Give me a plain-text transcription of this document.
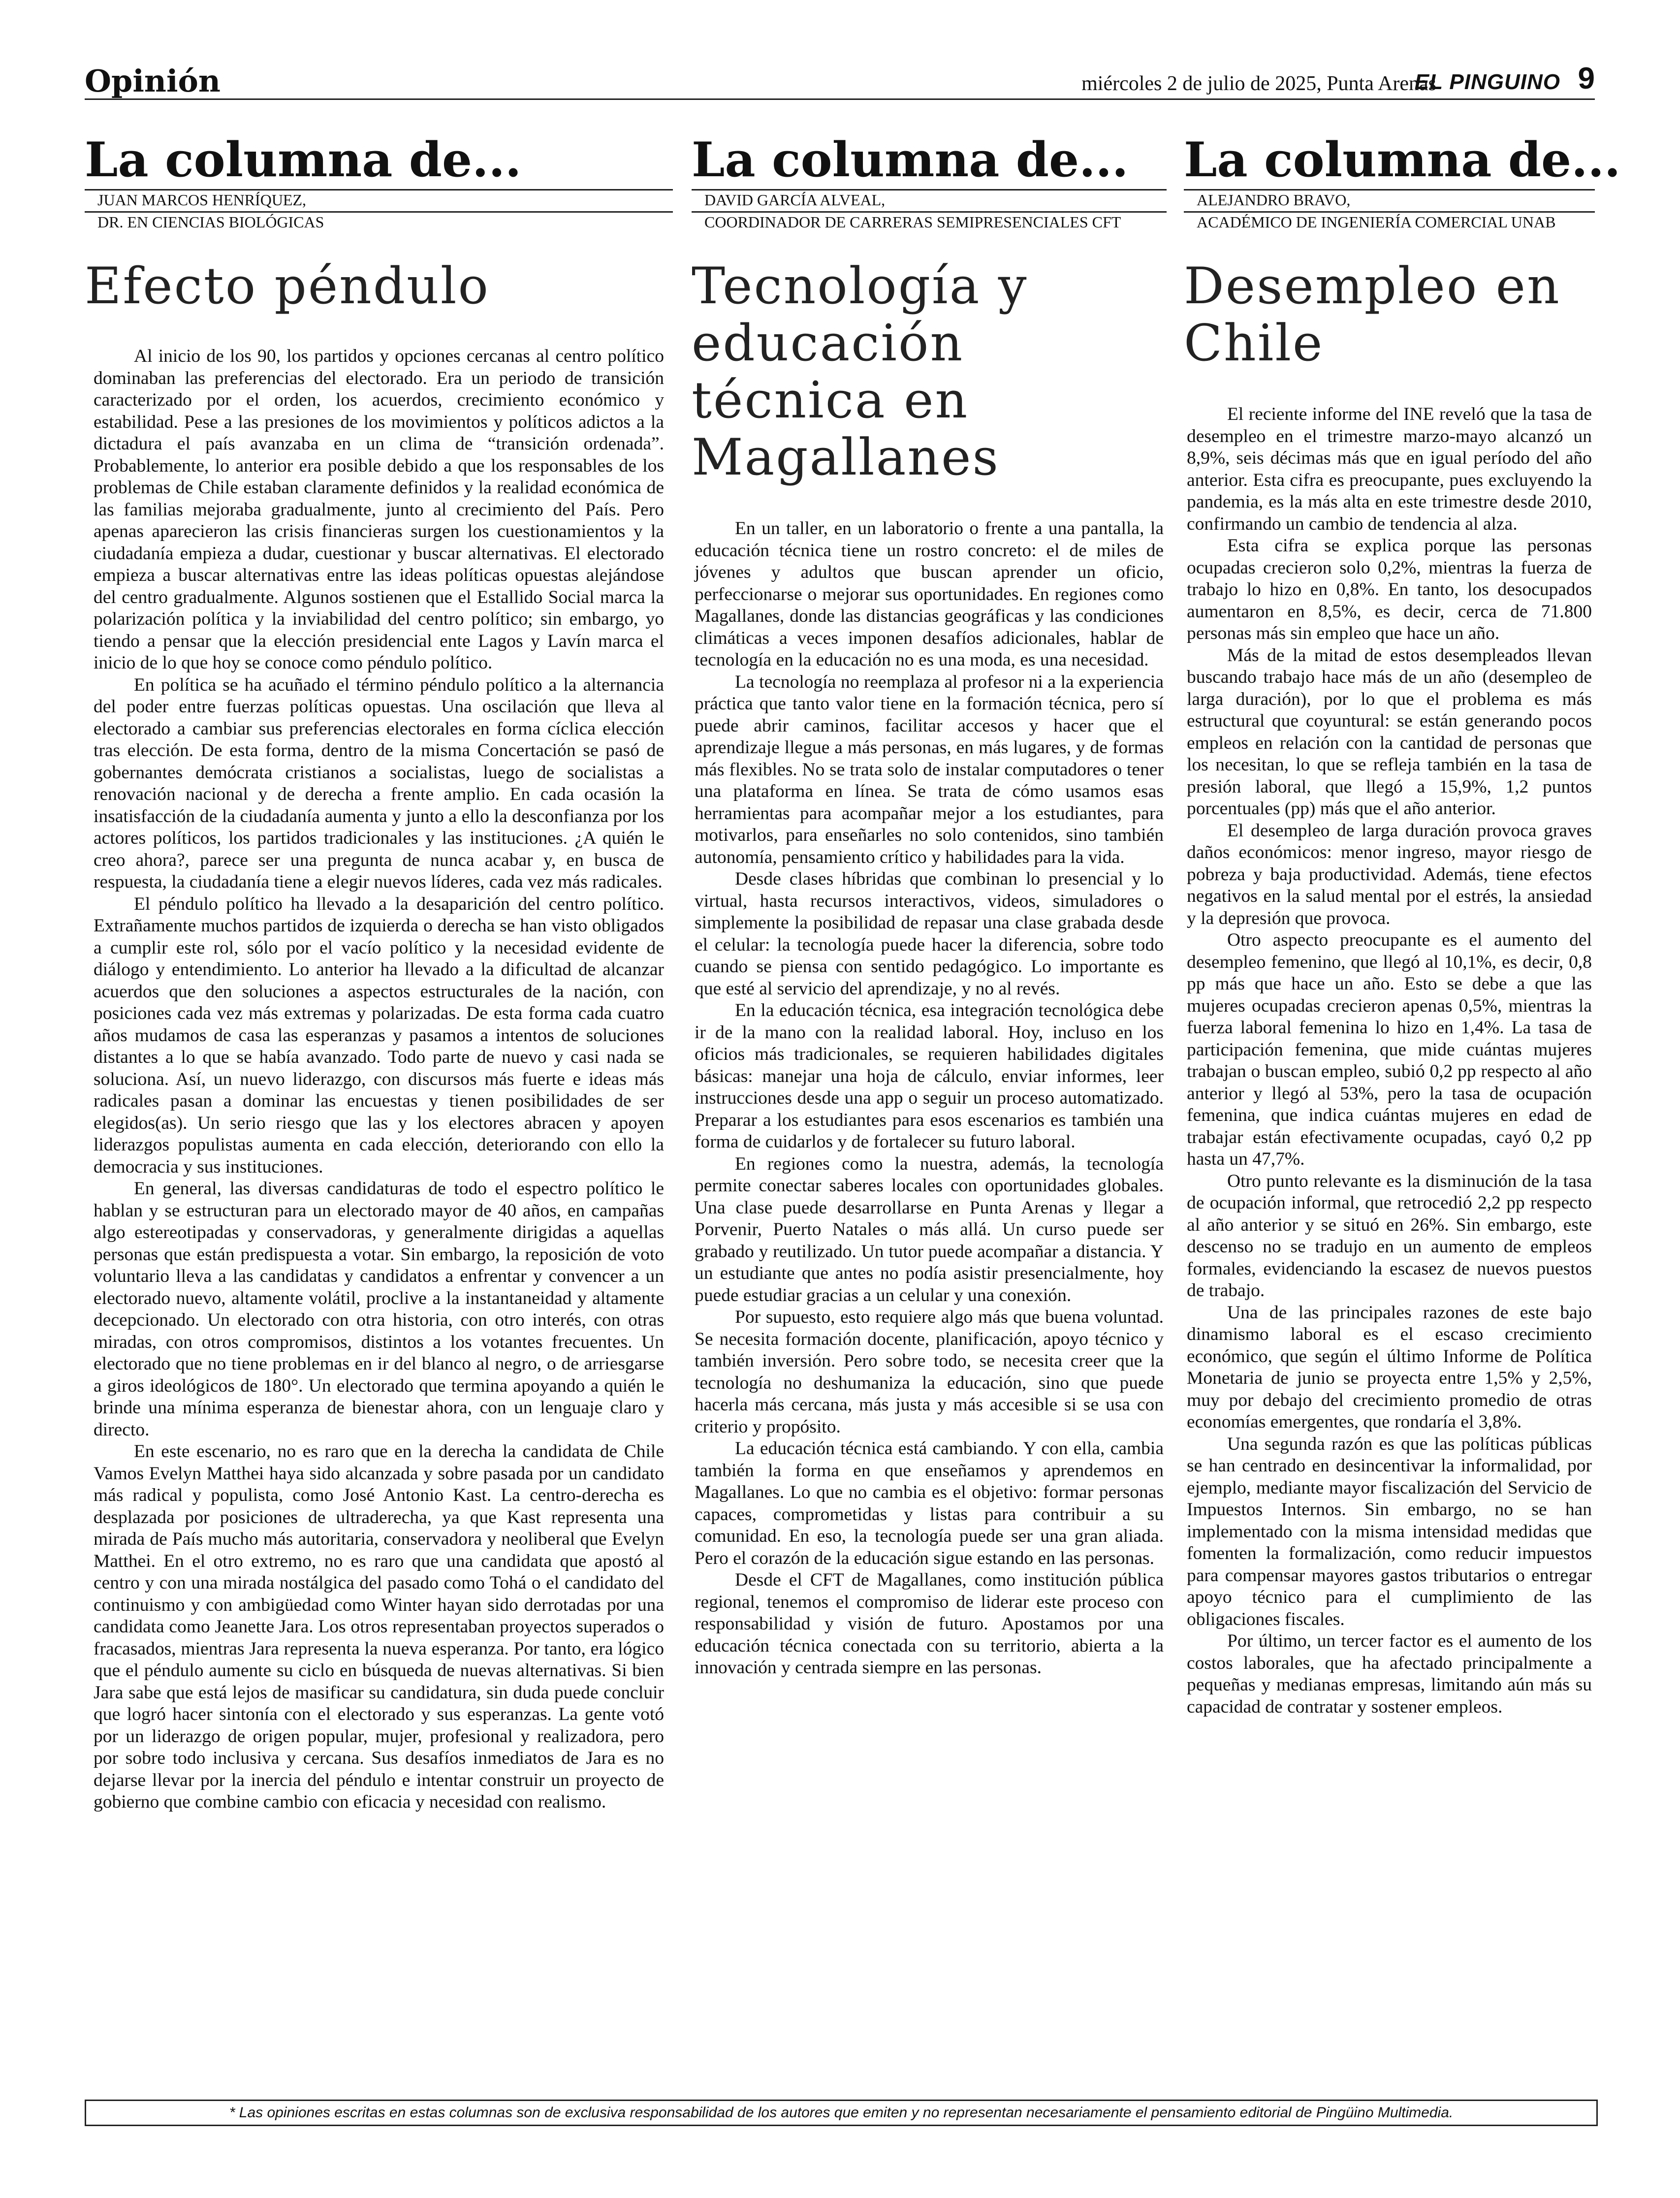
Opinión	miércoles 2 de julio de 2025, Punta Arenas
EL PINGUINO 9
La columna de...
JUAN MARCOS HENRÍQUEZ,
DR. EN CIENCIAS BIOLÓGICAS
Efecto péndulo

Al inicio de los 90, los partidos y opciones cercanas al centro político dominaban las preferencias del electorado. Era un periodo de transición caracterizado por el orden, los acuerdos, crecimiento económico y estabilidad. Pese a las presiones de los movimientos y políticos adictos a la dictadura el país avanzaba en un clima de “transición ordenada”. Probablemente, lo anterior era posible debido a que los responsables de los problemas de Chile estaban claramente definidos y la realidad económica de las familias mejoraba gradualmente, junto al crecimiento del País. Pero apenas aparecieron las crisis financieras surgen los cuestionamientos y la ciudadanía empieza a dudar, cuestionar y buscar alternativas. El electorado empieza a buscar alternativas entre las ideas políticas opuestas alejándose del centro gradualmente. Algunos sostienen que el Estallido Social marca la polarización política y la inviabilidad del centro político; sin embargo, yo tiendo a pensar que la elección presidencial ente Lagos y Lavín marca el inicio de lo que hoy se conoce como péndulo político.

En política se ha acuñado el término péndulo político a la alternancia del poder entre fuerzas políticas opuestas. Una oscilación que lleva al electorado a cambiar sus preferencias electorales en forma cíclica elección tras elección. De esta forma, dentro de la misma Concertación se pasó de gobernantes demócrata cristianos a socialistas, luego de socialistas a renovación nacional y de derecha a frente amplio. En cada ocasión la insatisfacción de la ciudadanía aumenta y junto a ello la desconfianza por los actores políticos, los partidos tradicionales y las instituciones. ¿A quién le creo ahora?, parece ser una pregunta de nunca acabar y, en busca de respuesta, la ciudadanía tiene a elegir nuevos líderes, cada vez más radicales.

El péndulo político ha llevado a la desaparición del centro político. Extrañamente muchos partidos de izquierda o derecha se han visto obligados a cumplir este rol, sólo por el vacío político y la necesidad evidente de diálogo y entendimiento. Lo anterior ha llevado a la dificultad de alcanzar acuerdos que den soluciones a aspectos estructurales de la nación, con posiciones cada vez más extremas y polarizadas. De esta forma cada cuatro años mudamos de casa las esperanzas y pasamos a intentos de soluciones distantes a lo que se había avanzado. Todo parte de nuevo y casi nada se soluciona. Así, un nuevo liderazgo, con discursos más fuerte e ideas más radicales pasan a dominar las encuestas y tienen posibilidades de ser elegidos(as). Un serio riesgo que las y los electores abracen y apoyen liderazgos populistas aumenta en cada elección, deteriorando con ello la democracia y sus instituciones.

En general, las diversas candidaturas de todo el espectro político le hablan y se estructuran para un electorado mayor de 40 años, en campañas algo estereotipadas y conservadoras, y generalmente dirigidas a aquellas personas que están predispuesta a votar. Sin embargo, la reposición de voto voluntario lleva a las candidatas y candidatos a enfrentar y convencer a un electorado nuevo, altamente volátil, proclive a la instantaneidad y altamente decepcionado. Un electorado con otra historia, con otro interés, con otras miradas, con otros compromisos, distintos a los votantes frecuentes. Un electorado que no tiene problemas en ir del blanco al negro, o de arriesgarse a giros ideológicos de 180°. Un electorado que termina apoyando a quién le brinde una mínima esperanza de bienestar ahora, con un lenguaje claro y directo.

En este escenario, no es raro que en la derecha la candidata de Chile Vamos Evelyn Matthei haya sido alcanzada y sobre pasada por un candidato más radical y populista, como José Antonio Kast. La centro-derecha es desplazada por posiciones de ultraderecha, ya que Kast representa una mirada de País mucho más autoritaria, conservadora y neoliberal que Evelyn Matthei. En el otro extremo, no es raro que una candidata que apostó al centro y con una mirada nostálgica del pasado como Tohá o el candidato del continuismo y con ambigüedad como Winter hayan sido derrotadas por una candidata como Jeanette Jara. Los otros representaban proyectos superados o fracasados, mientras Jara representa la nueva esperanza. Por tanto, era lógico que el péndulo aumente su ciclo en búsqueda de nuevas alternativas. Si bien Jara sabe que está lejos de masificar su candidatura, sin duda puede concluir que logró hacer sintonía con el electorado y sus esperanzas. La gente votó por un liderazgo de origen popular, mujer, profesional y realizadora, pero por sobre todo inclusiva y cercana. Sus desafíos inmediatos de Jara es no dejarse llevar por la inercia del péndulo e intentar construir un proyecto de gobierno que combine cambio con eficacia y necesidad con realismo.

La columna de...
DAVID GARCÍA ALVEAL,
COORDINADOR DE CARRERAS SEMIPRESENCIALES CFT
Tecnología y educación técnica en Magallanes

En un taller, en un laboratorio o frente a una pantalla, la educación técnica tiene un rostro concreto: el de miles de jóvenes y adultos que buscan aprender un oficio, perfeccionarse o mejorar sus oportunidades. En regiones como Magallanes, donde las distancias geográficas y las condiciones climáticas a veces imponen desafíos adicionales, hablar de tecnología en la educación no es una moda, es una necesidad.

La tecnología no reemplaza al profesor ni a la experiencia práctica que tanto valor tiene en la formación técnica, pero sí puede abrir caminos, facilitar accesos y hacer que el aprendizaje llegue a más personas, en más lugares, y de formas más flexibles. No se trata solo de instalar computadores o tener una plataforma en línea. Se trata de cómo usamos esas herramientas para acompañar mejor a los estudiantes, para motivarlos, para enseñarles no solo contenidos, sino también autonomía, pensamiento crítico y habilidades para la vida.

Desde clases híbridas que combinan lo presencial y lo virtual, hasta recursos interactivos, videos, simuladores o simplemente la posibilidad de repasar una clase grabada desde el celular: la tecnología puede hacer la diferencia, sobre todo cuando se piensa con sentido pedagógico. Lo importante es que esté al servicio del aprendizaje, y no al revés.

En la educación técnica, esa integración tecnológica debe ir de la mano con la realidad laboral. Hoy, incluso en los oficios más tradicionales, se requieren habilidades digitales básicas: manejar una hoja de cálculo, enviar informes, leer instrucciones desde una app o seguir un proceso automatizado. Preparar a los estudiantes para esos escenarios es también una forma de cuidarlos y de fortalecer su futuro laboral.

En regiones como la nuestra, además, la tecnología permite conectar saberes locales con oportunidades globales. Una clase puede desarrollarse en Punta Arenas y llegar a Porvenir, Puerto Natales o más allá. Un curso puede ser grabado y reutilizado. Un tutor puede acompañar a distancia. Y un estudiante que antes no podía asistir presencialmente, hoy puede estudiar gracias a un celular y una conexión.

Por supuesto, esto requiere algo más que buena voluntad. Se necesita formación docente, planificación, apoyo técnico y también inversión. Pero sobre todo, se necesita creer que la tecnología no deshumaniza la educación, sino que puede hacerla más cercana, más justa y más accesible si se usa con criterio y propósito.

La educación técnica está cambiando. Y con ella, cambia también la forma en que enseñamos y aprendemos en Magallanes. Lo que no cambia es el objetivo: formar personas capaces, comprometidas y listas para contribuir a su comunidad. En eso, la tecnología puede ser una gran aliada. Pero el corazón de la educación sigue estando en las personas.

Desde el CFT de Magallanes, como institución pública regional, tenemos el compromiso de liderar este proceso con responsabilidad y visión de futuro. Apostamos por una educación técnica conectada con su territorio, abierta a la innovación y centrada siempre en las personas.

La columna de...
ALEJANDRO BRAVO,
ACADÉMICO DE INGENIERÍA COMERCIAL UNAB
Desempleo en Chile

El reciente informe del INE reveló que la tasa de desempleo en el trimestre marzo-mayo alcanzó un 8,9%, seis décimas más que en igual período del año anterior. Esta cifra es preocupante, pues excluyendo la pandemia, es la más alta en este trimestre desde 2010, confirmando un cambio de tendencia al alza.

Esta cifra se explica porque las personas ocupadas crecieron solo 0,2%, mientras la fuerza de trabajo lo hizo en 0,8%. En tanto, los desocupados aumentaron en 8,5%, es decir, cerca de 71.800 personas más sin empleo que hace un año.

Más de la mitad de estos desempleados llevan buscando trabajo hace más de un año (desempleo de larga duración), por lo que el problema es más estructural que coyuntural: se están generando pocos empleos en relación con la cantidad de personas que los necesitan, lo que se refleja también en la tasa de presión laboral, que llegó a 15,9%, 1,2 puntos porcentuales (pp) más que el año anterior.

El desempleo de larga duración provoca graves daños económicos: menor ingreso, mayor riesgo de pobreza y baja productividad. Además, tiene efectos negativos en la salud mental por el estrés, la ansiedad y la depresión que provoca.

Otro aspecto preocupante es el aumento del desempleo femenino, que llegó al 10,1%, es decir, 0,8 pp más que hace un año. Esto se debe a que las mujeres ocupadas crecieron apenas 0,5%, mientras la fuerza laboral femenina lo hizo en 1,4%. La tasa de participación femenina, que mide cuántas mujeres trabajan o buscan empleo, subió 0,2 pp respecto al año anterior y llegó al 53%, pero la tasa de ocupación femenina, que indica cuántas mujeres en edad de trabajar están efectivamente ocupadas, cayó 0,2 pp hasta un 47,7%.

Otro punto relevante es la disminución de la tasa de ocupación informal, que retrocedió 2,2 pp respecto al año anterior y se situó en 26%. Sin embargo, este descenso no se tradujo en un aumento de empleos formales, evidenciando la escasez de nuevos puestos de trabajo.

Una de las principales razones de este bajo dinamismo laboral es el escaso crecimiento económico, que según el último Informe de Política Monetaria de junio se proyecta entre 1,5% y 2,5%, muy por debajo del crecimiento promedio de otras economías emergentes, que rondaría el 3,8%.

Una segunda razón es que las políticas públicas se han centrado en desincentivar la informalidad, por ejemplo, mediante mayor fiscalización del Servicio de Impuestos Internos. Sin embargo, no se han implementado con la misma intensidad medidas que fomenten la formalización, como reducir impuestos para compensar mayores gastos tributarios o entregar apoyo técnico para el cumplimiento de las obligaciones fiscales.

Por último, un tercer factor es el aumento de los costos laborales, que ha afectado principalmente a pequeñas y medianas empresas, limitando aún más su capacidad de contratar y sostener empleos.

* Las opiniones escritas en estas columnas son de exclusiva responsabilidad de los autores que emiten y no representan necesariamente el pensamiento editorial de Pingüino Multimedia.
